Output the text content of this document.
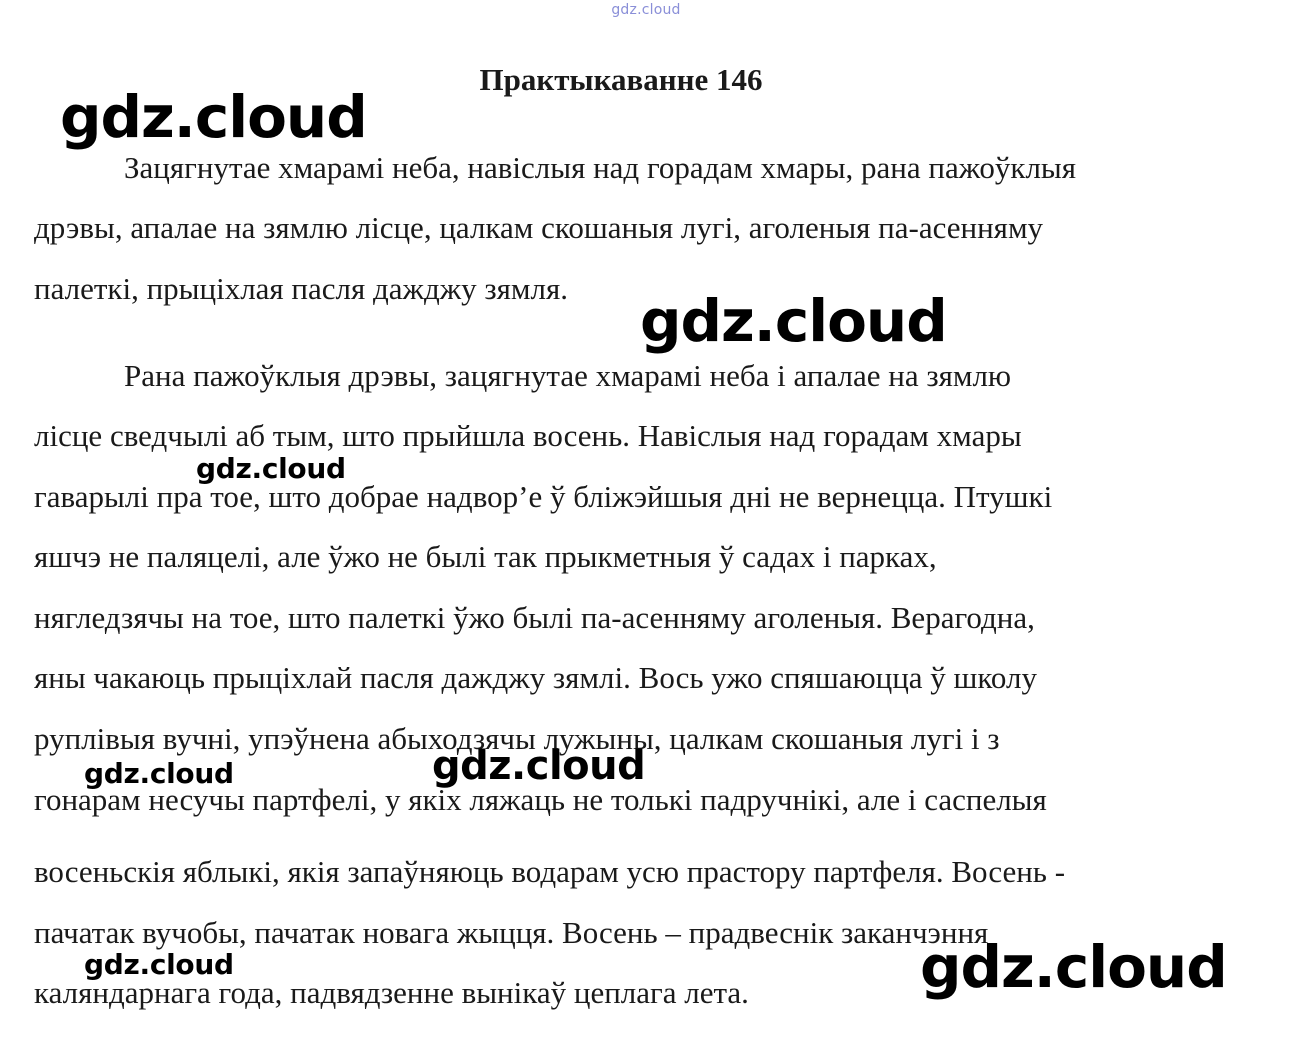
gdz.cloud
Практыкаванне 146
Зацягнутае хмарамі неба, навіслыя над горадам хмары, рана пажоўклыя
дрэвы, апалае на зямлю лісце, цалкам скошаныя лугі, аголеныя па-асенняму
палеткі, прыціхлая пасля дажджу зямля.
Рана пажоўклыя дрэвы, зацягнутае хмарамі неба і апалае на зямлю
лісце сведчылі аб тым, што прыйшла восень. Навіслыя над горадам хмары
гаварылі пра тое, што добрае надвор’е ў бліжэйшыя дні не вернецца. Птушкі
яшчэ не паляцелі, але ўжо не былі так прыкметныя ў садах і парках,
нягледзячы на тое, што палеткі ўжо былі па-асенняму аголеныя. Верагодна,
яны чакаюць прыціхлай пасля дажджу зямлі. Вось ужо спяшаюцца ў школу
руплівыя вучні, упэўнена абыходзячы лужыны, цалкам скошаныя лугі і з
гонарам несучы партфелі, у якіх ляжаць не толькі падручнікі, але і саспелыя
восеньскія яблыкі, якія запаўняюць водарам усю прастору партфеля. Восень -
пачатак вучобы, пачатак новага жыцця. Восень – прадвеснік заканчэння
каляндарнага года, падвядзенне вынікаў цеплага лета.
gdz.cloud
gdz.cloud
gdz.cloud
gdz.cloud	gdz.cloud
gdz.cloud	gdz.cloud
